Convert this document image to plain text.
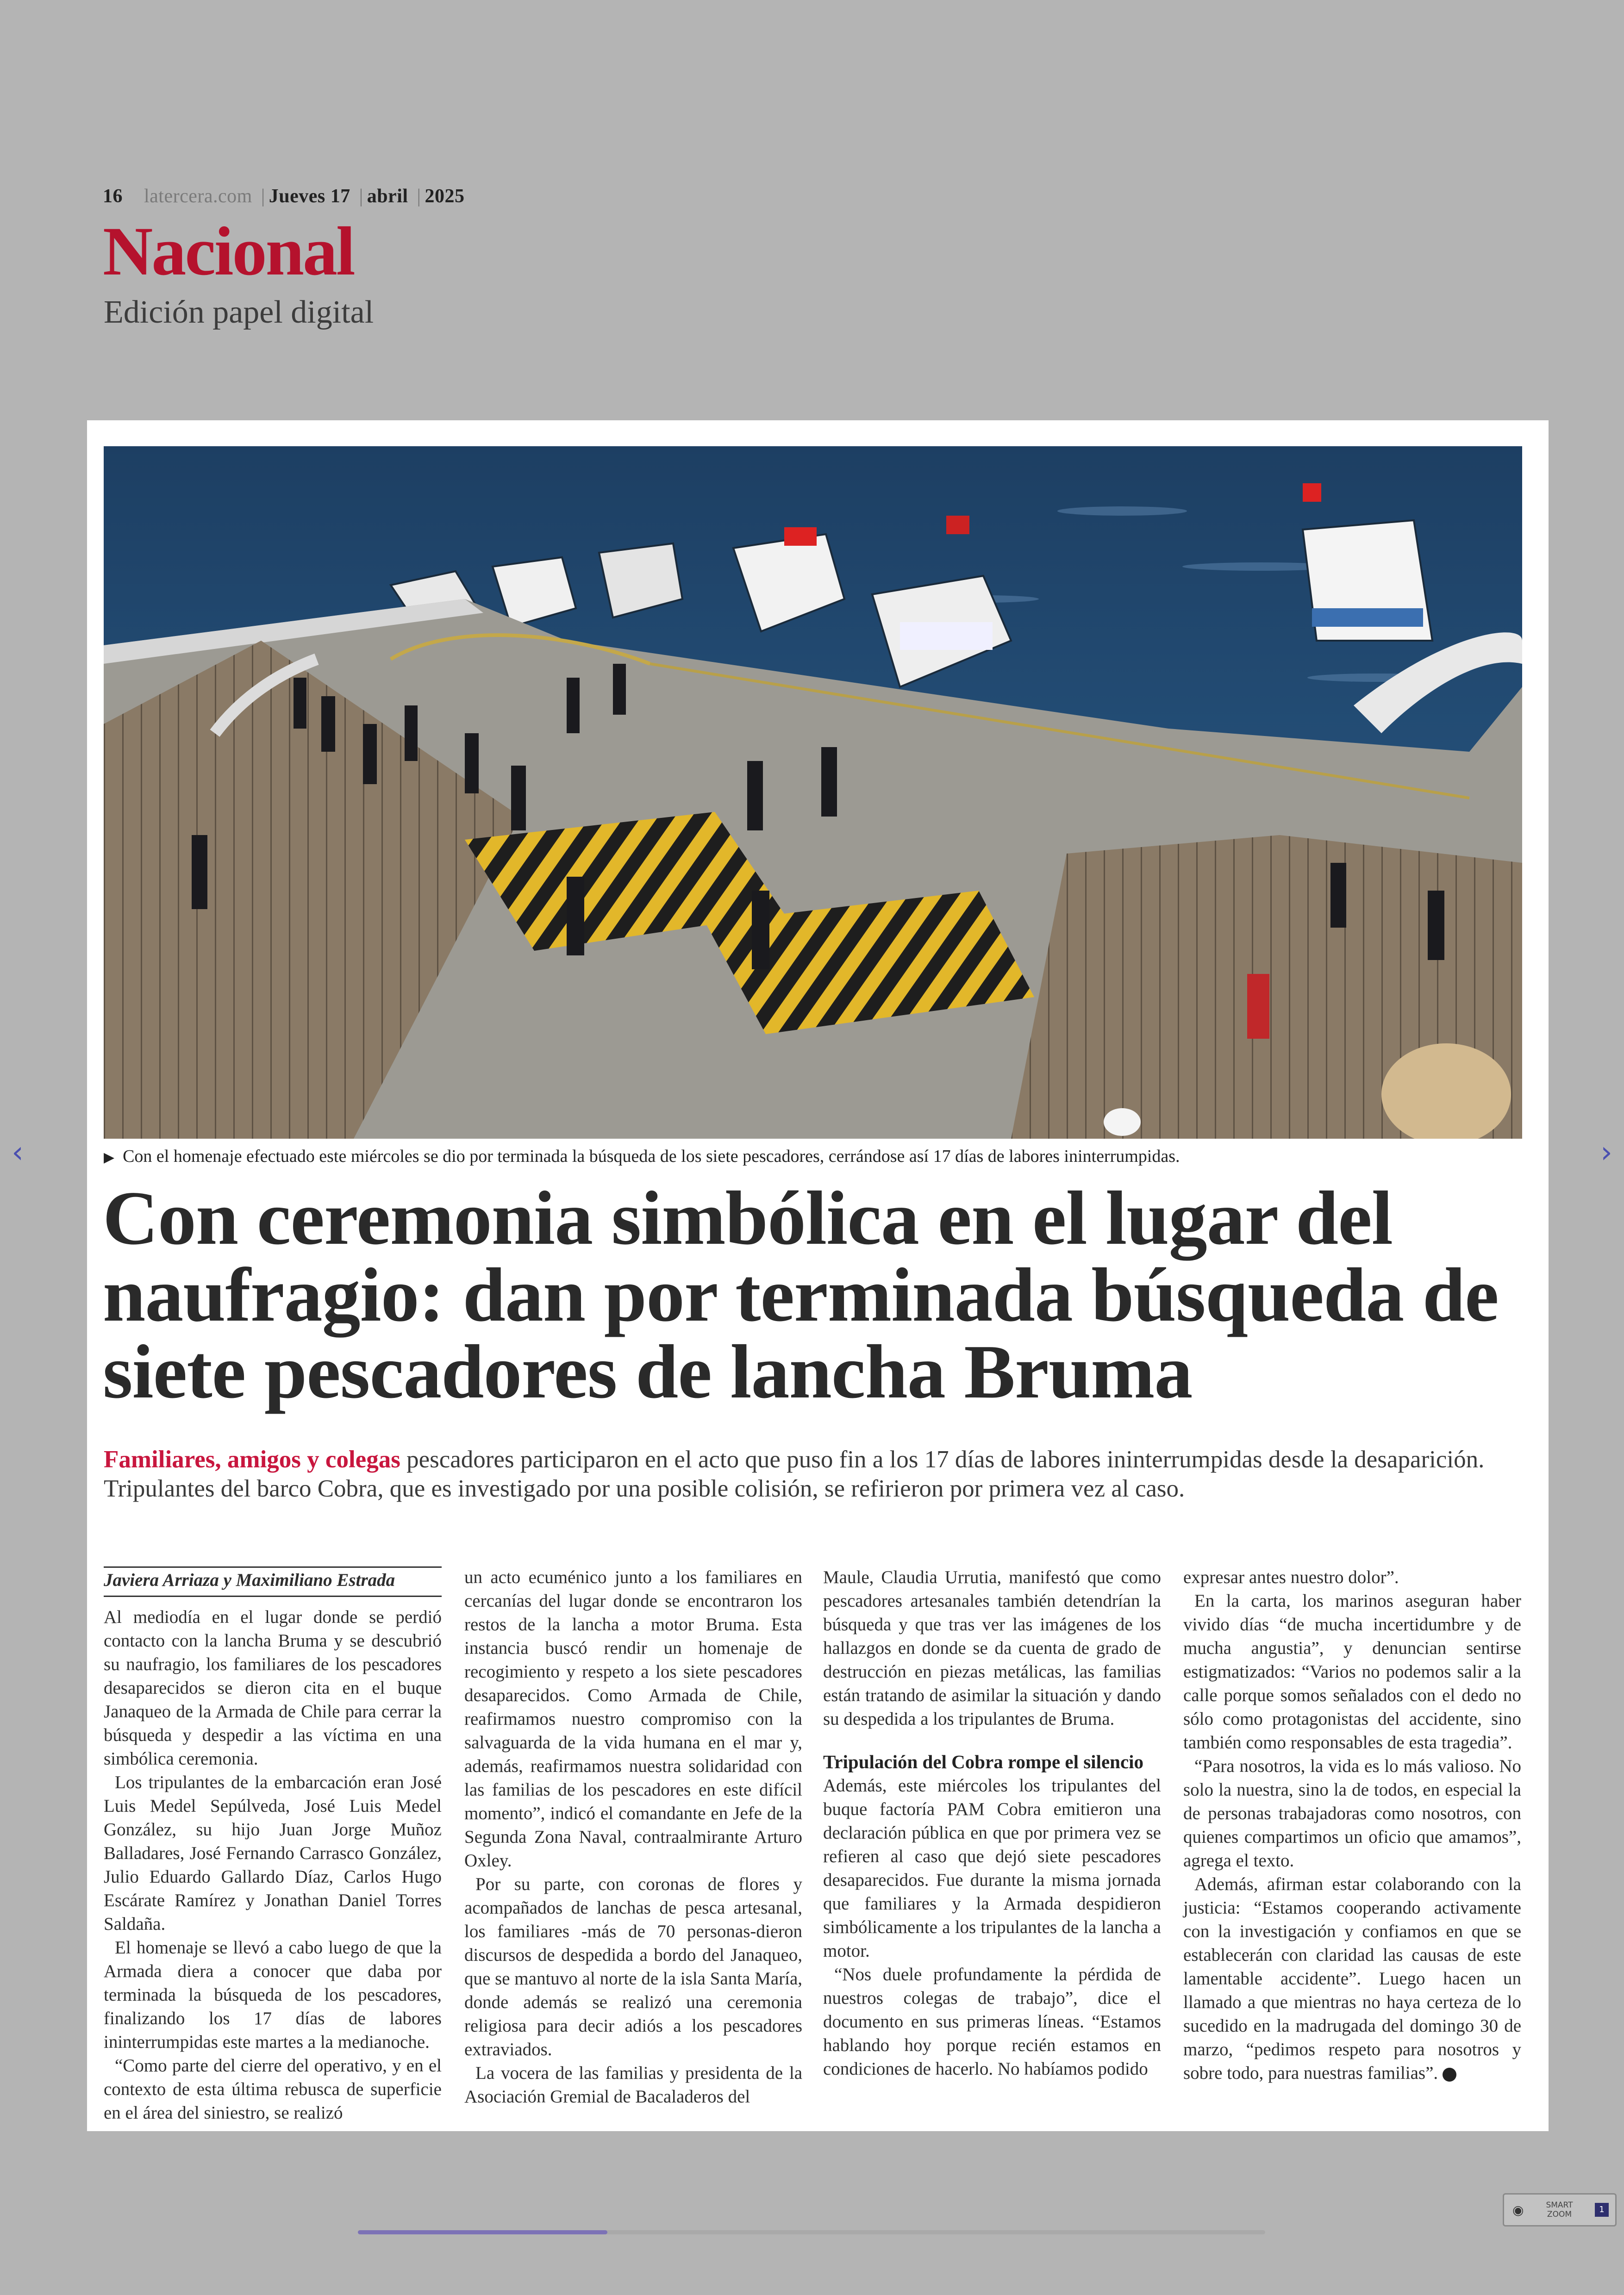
16 latercera.com | Jueves 17 | abril | 2025
Nacional
Edición papel digital
‹	›
▶ Con el homenaje efectuado este miércoles se dio por terminada la búsqueda de los siete pescadores, cerrándose así 17 días de labores ininterrumpidas.
Con ceremonia simbólica en el lugar del naufragio: dan por terminada búsqueda de siete pescadores de lancha Bruma
Familiares, amigos y colegas pescadores participaron en el acto que puso fin a los 17 días de labores ininterrumpidas desde la desaparición. Tripulantes del barco Cobra, que es investigado por una posible colisión, se refirieron por primera vez al caso.
Javiera Arriaza y Maximiliano Estrada

Al mediodía en el lugar donde se perdió contacto con la lancha Bruma y se descubrió su naufragio, los familiares de los pescadores desaparecidos se dieron cita en el buque Janaqueo de la Armada de Chile para cerrar la búsqueda y despedir a las víctima en una simbólica ceremonia.

Los tripulantes de la embarcación eran José Luis Medel Sepúlveda, José Luis Medel González, su hijo Juan Jorge Muñoz Balladares, José Fernando Carrasco González, Julio Eduardo Gallardo Díaz, Carlos Hugo Escárate Ramírez y Jonathan Daniel Torres Saldaña.

El homenaje se llevó a cabo luego de que la Armada diera a conocer que daba por terminada la búsqueda de los pescadores, finalizando los 17 días de labores ininterrumpidas este martes a la medianoche.

“Como parte del cierre del operativo, y en el contexto de esta última rebusca de superficie en el área del siniestro, se realizó

un acto ecuménico junto a los familiares en cercanías del lugar donde se encontraron los restos de la lancha a motor Bruma. Esta instancia buscó rendir un homenaje de recogimiento y respeto a los siete pescadores desaparecidos. Como Armada de Chile, reafirmamos nuestro compromiso con la salvaguarda de la vida humana en el mar y, además, reafirmamos nuestra solidaridad con las familias de los pescadores en este difícil momento”, indicó el comandante en Jefe de la Segunda Zona Naval, contraalmirante Arturo Oxley.

Por su parte, con coronas de flores y acompañados de lanchas de pesca artesanal, los familiares -más de 70 personas-dieron discursos de despedida a bordo del Janaqueo, que se mantuvo al norte de la isla Santa María, donde además se realizó una ceremonia religiosa para decir adiós a los pescadores extraviados.

La vocera de las familias y presidenta de la Asociación Gremial de Bacaladeros del

Maule, Claudia Urrutia, manifestó que como pescadores artesanales también detendrían la búsqueda y que tras ver las imágenes de los hallazgos en donde se da cuenta de grado de destrucción en piezas metálicas, las familias están tratando de asimilar la situación y dando su despedida a los tripulantes de Bruma.

Tripulación del Cobra rompe el silencio

Además, este miércoles los tripulantes del buque factoría PAM Cobra emitieron una declaración pública en que por primera vez se refieren al caso que dejó siete pescadores desaparecidos. Fue durante la misma jornada que familiares y la Armada despidieron simbólicamente a los tripulantes de la lancha a motor.

“Nos duele profundamente la pérdida de nuestros colegas de trabajo”, dice el documento en sus primeras líneas. “Estamos hablando hoy porque recién estamos en condiciones de hacerlo. No habíamos podido

expresar antes nuestro dolor”.

En la carta, los marinos aseguran haber vivido días “de mucha incertidumbre y de mucha angustia”, y denuncian sentirse estigmatizados: “Varios no podemos salir a la calle porque somos señalados con el dedo no sólo como protagonistas del accidente, sino también como responsables de esta tragedia”.

“Para nosotros, la vida es lo más valioso. No solo la nuestra, sino la de todos, en especial la de personas trabajadoras como nosotros, con quienes compartimos un oficio que amamos”, agrega el texto.

Además, afirman estar colaborando con la justicia: “Estamos cooperando activamente con la investigación y confiamos en que se establecerán con claridad las causas de este lamentable accidente”. Luego hacen un llamado a que mientras no haya certeza de lo sucedido en la madrugada del domingo 30 de marzo, “pedimos respeto para nosotros y sobre todo, para nuestras familias”.

◉	SMART
ZOOM	1
